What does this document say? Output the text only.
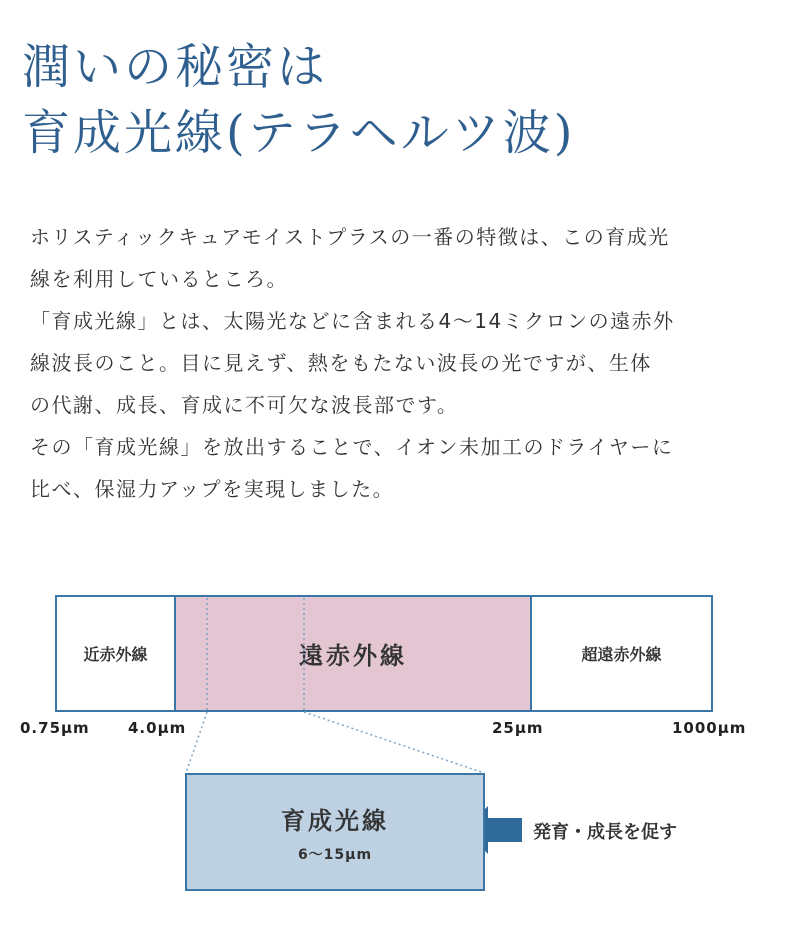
潤いの秘密は
育成光線(テラヘルツ波)

ホリスティックキュアモイストプラスの一番の特徴は、この育成光

線を利用しているところ。

「育成光線」とは、太陽光などに含まれる4～14ミクロンの遠赤外

線波長のこと。目に見えず、熱をもたない波長の光ですが、生体

の代謝、成長、育成に不可欠な波長部です。

その「育成光線」を放出することで、イオン未加工のドライヤーに

比べ、保湿力アップを実現しました。

近赤外線	遠赤外線	超遠赤外線
0.75μm	4.0μm	25μm	1000μm
育成光線
6～15μm
発育・成長を促す
